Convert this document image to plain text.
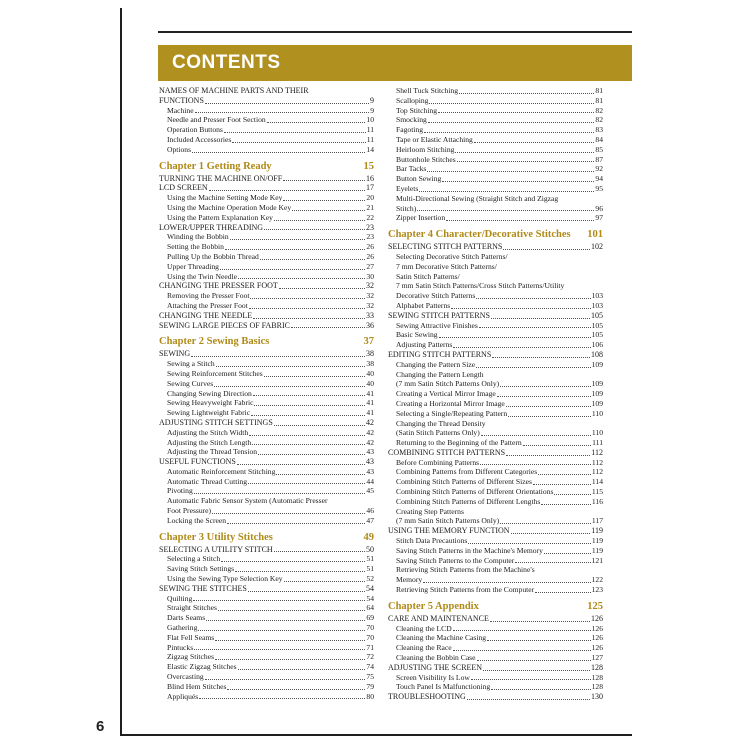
CONTENTS
NAMES OF MACHINE PARTS AND THEIR
FUNCTIONS	9
Machine	9
Needle and Presser Foot Section	10
Operation Buttons	11
Included Accessories	11
Options	14
Chapter 1 Getting Ready	15
TURNING THE MACHINE ON/OFF	16
LCD SCREEN	17
Using the Machine Setting Mode Key	20
Using the Machine Operation Mode Key	21
Using the Pattern Explanation Key	22
LOWER/UPPER THREADING	23
Winding the Bobbin	23
Setting the Bobbin	26
Pulling Up the Bobbin Thread	26
Upper Threading	27
Using the Twin Needle	30
CHANGING THE PRESSER FOOT	32
Removing the Presser Foot	32
Attaching the Presser Foot	32
CHANGING THE NEEDLE	33
SEWING LARGE PIECES OF FABRIC	36
Chapter 2 Sewing Basics	37
SEWING	38
Sewing a Stitch	38
Sewing Reinforcement Stitches	40
Sewing Curves	40
Changing Sewing Direction	41
Sewing Heavyweight Fabric	41
Sewing Lightweight Fabric	41
ADJUSTING STITCH SETTINGS	42
Adjusting the Stitch Width	42
Adjusting the Stitch Length	42
Adjusting the Thread Tension	43
USEFUL FUNCTIONS	43
Automatic Reinforcement Stitching	43
Automatic Thread Cutting	44
Pivoting	45
Automatic Fabric Sensor System (Automatic Presser
Foot Pressure)	46
Locking the Screen	47
Chapter 3 Utility Stitches	49
SELECTING A UTILITY STITCH	50
Selecting a Stitch	51
Saving Stitch Settings	51
Using the Sewing Type Selection Key	52
SEWING THE STITCHES	54
Quilting	54
Straight Stitches	64
Darts Seams	69
Gathering	70
Flat Fell Seams	70
Pintucks	71
Zigzag Stitches	72
Elastic Zigzag Stitches	74
Overcasting	75
Blind Hem Stitches	79
Appliqués	80
Shell Tuck Stitching	81
Scalloping	81
Top Stitching	82
Smocking	82
Fagoting	83
Tape or Elastic Attaching	84
Heirloom Stitching	85
Buttonhole Stitches	87
Bar Tacks	92
Button Sewing	94
Eyelets	95
Multi-Directional Sewing (Straight Stitch and Zigzag
Stitch)	96
Zipper Insertion	97
Chapter 4 Character/Decorative Stitches 101
SELECTING STITCH PATTERNS	102
Selecting Decorative Stitch Patterns/
7 mm Decorative Stitch Patterns/
Satin Stitch Patterns/
7 mm Satin Stitch Patterns/Cross Stitch Patterns/Utility
Decorative Stitch Patterns	103
Alphabet Patterns	103
SEWING STITCH PATTERNS	105
Sewing Attractive Finishes	105
Basic Sewing	105
Adjusting Patterns	106
EDITING STITCH PATTERNS	108
Changing the Pattern Size	109
Changing the Pattern Length
(7 mm Satin Stitch Patterns Only)	109
Creating a Vertical Mirror Image	109
Creating a Horizontal Mirror Image	109
Selecting a Single/Repeating Pattern	110
Changing the Thread Density
(Satin Stitch Patterns Only)	110
Returning to the Beginning of the Pattern	111
COMBINING STITCH PATTERNS	112
Before Combining Patterns	112
Combining Patterns from Different Categories	112
Combining Stitch Patterns of Different Sizes	114
Combining Stitch Patterns of Different Orientations	115
Combining Stitch Patterns of Different Lengths	116
Creating Step Patterns
(7 mm Satin Stitch Patterns Only)	117
USING THE MEMORY FUNCTION	119
Stitch Data Precautions	119
Saving Stitch Patterns in the Machine's Memory	119
Saving Stitch Patterns to the Computer	121
Retrieving Stitch Patterns from the Machine's
Memory	122
Retrieving Stitch Patterns from the Computer	123
Chapter 5 Appendix	125
CARE AND MAINTENANCE	126
Cleaning the LCD	126
Cleaning the Machine Casing	126
Cleaning the Race	126
Cleaning the Bobbin Case	127
ADJUSTING THE SCREEN	128
Screen Visibility Is Low	128
Touch Panel Is Malfunctioning	128
TROUBLESHOOTING	130
6
